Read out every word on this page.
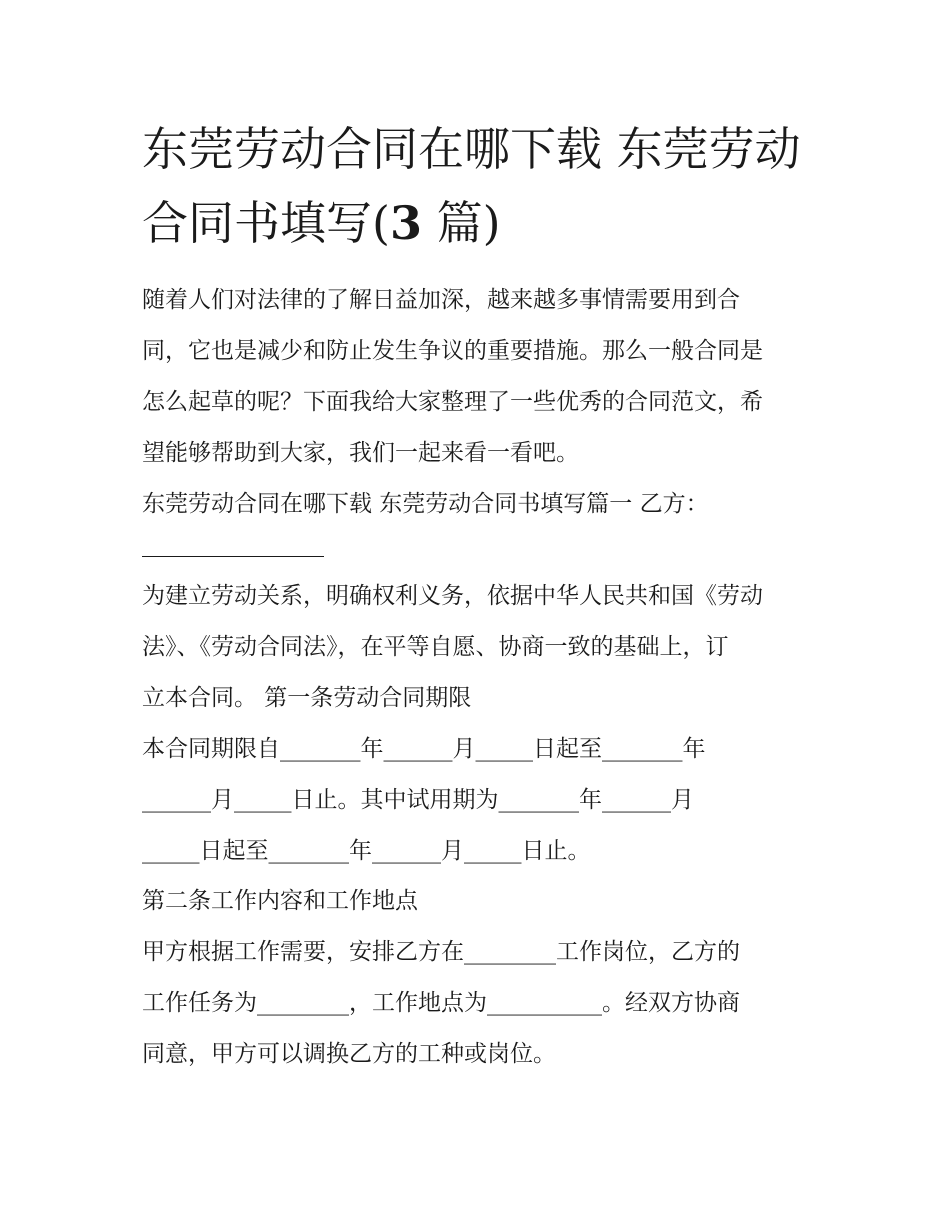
东莞劳动合同在哪下载 东莞劳动合同书填写(3 篇)
随着人们对法律的了解日益加深，越来越多事情需要用到合
同，它也是减少和防止发生争议的重要措施。那么一般合同是
怎么起草的呢？下面我给大家整理了一些优秀的合同范文，希
望能够帮助到大家，我们一起来看一看吧。
东莞劳动合同在哪下载 东莞劳动合同书填写篇一 乙方：
为建立劳动关系，明确权利义务，依据中华人民共和国《劳动
法》、《劳动合同法》，在平等自愿、协商一致的基础上，订
立本合同。 第一条劳动合同期限
本合同期限自_______年______月_____日起至_______年
______月_____日止。其中试用期为_______年______月
_____日起至_______年______月_____日止。
第二条工作内容和工作地点
甲方根据工作需要，安排乙方在________工作岗位，乙方的
工作任务为________，工作地点为__________。经双方协商
同意，甲方可以调换乙方的工种或岗位。
